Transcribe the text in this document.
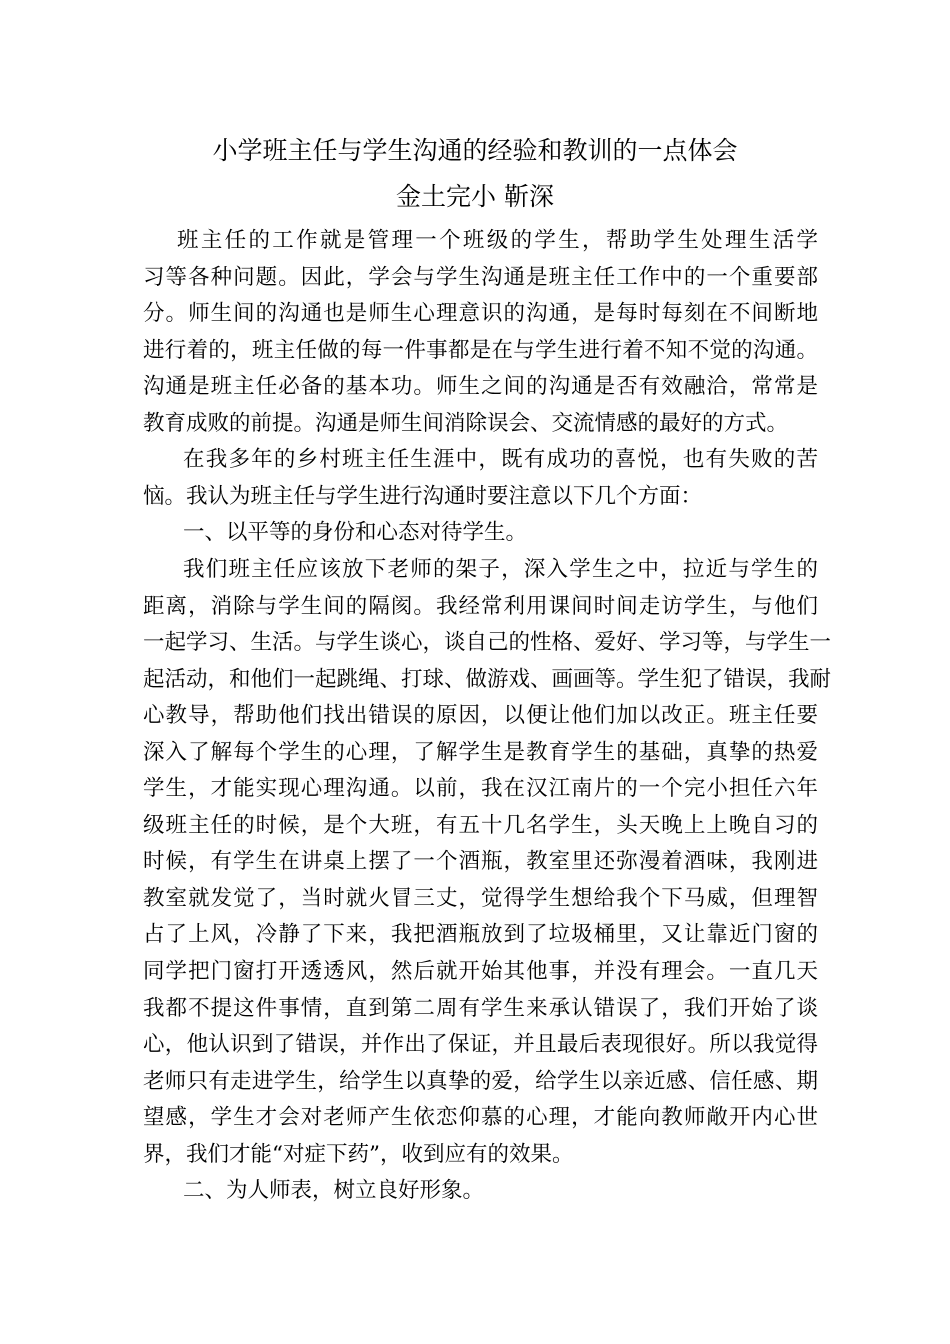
小学班主任与学生沟通的经验和教训的一点体会
金土完小 靳深
班主任的工作就是管理一个班级的学生，帮助学生处理生活学
习等各种问题。因此，学会与学生沟通是班主任工作中的一个重要部
分。师生间的沟通也是师生心理意识的沟通，是每时每刻在不间断地
进行着的，班主任做的每一件事都是在与学生进行着不知不觉的沟通。
沟通是班主任必备的基本功。师生之间的沟通是否有效融洽，常常是
教育成败的前提。沟通是师生间消除误会、交流情感的最好的方式。
在我多年的乡村班主任生涯中，既有成功的喜悦，也有失败的苦
恼。我认为班主任与学生进行沟通时要注意以下几个方面：
一、以平等的身份和心态对待学生。
我们班主任应该放下老师的架子，深入学生之中，拉近与学生的
距离，消除与学生间的隔阂。我经常利用课间时间走访学生，与他们
一起学习、生活。与学生谈心，谈自己的性格、爱好、学习等，与学生一
起活动，和他们一起跳绳、打球、做游戏、画画等。学生犯了错误，我耐
心教导，帮助他们找出错误的原因，以便让他们加以改正。班主任要
深入了解每个学生的心理，了解学生是教育学生的基础，真挚的热爱
学生，才能实现心理沟通。以前，我在汉江南片的一个完小担任六年
级班主任的时候，是个大班，有五十几名学生，头天晚上上晚自习的
时候，有学生在讲桌上摆了一个酒瓶，教室里还弥漫着酒味，我刚进
教室就发觉了，当时就火冒三丈，觉得学生想给我个下马威，但理智
占了上风，冷静了下来，我把酒瓶放到了垃圾桶里，又让靠近门窗的
同学把门窗打开透透风，然后就开始其他事，并没有理会。一直几天
我都不提这件事情，直到第二周有学生来承认错误了，我们开始了谈
心，他认识到了错误，并作出了保证，并且最后表现很好。所以我觉得
老师只有走进学生，给学生以真挚的爱，给学生以亲近感、信任感、期
望感，学生才会对老师产生依恋仰慕的心理，才能向教师敞开内心世
界，我们才能“对症下药”，收到应有的效果。
二、为人师表，树立良好形象。
